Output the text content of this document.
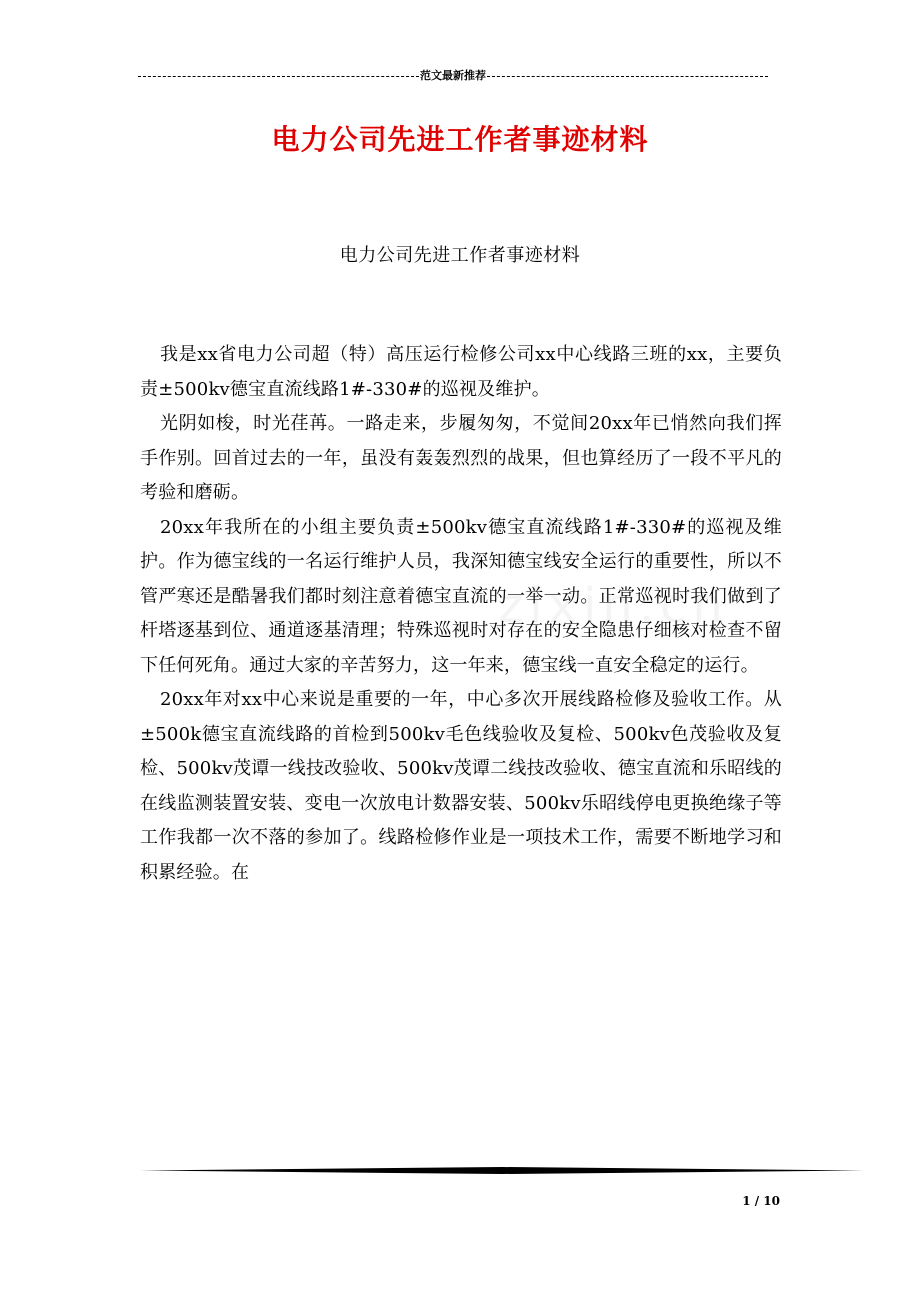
范文最新推荐
电力公司先进工作者事迹材料
电力公司先进工作者事迹材料

我是xx省电力公司超（特）高压运行检修公司xx中心线路三班的xx，主要负责±500kv德宝直流线路1#-330#的巡视及维护。

光阴如梭，时光荏苒。一路走来，步履匆匆，不觉间20xx年已悄然向我们挥手作别。回首过去的一年，虽没有轰轰烈烈的战果，但也算经历了一段不平凡的考验和磨砺。

20xx年我所在的小组主要负责±500kv德宝直流线路1#-330#的巡视及维护。作为德宝线的一名运行维护人员，我深知德宝线安全运行的重要性，所以不管严寒还是酷暑我们都时刻注意着德宝直流的一举一动。正常巡视时我们做到了杆塔逐基到位、通道逐基清理；特殊巡视时对存在的安全隐患仔细核对检查不留下任何死角。通过大家的辛苦努力，这一年来，德宝线一直安全稳定的运行。

20xx年对xx中心来说是重要的一年，中心多次开展线路检修及验收工作。从±500k德宝直流线路的首检到500kv毛色线验收及复检、500kv色茂验收及复检、500kv茂谭一线技改验收、500kv茂谭二线技改验收、德宝直流和乐昭线的在线监测装置安装、变电一次放电计数器安装、500kv乐昭线停电更换绝缘子等工作我都一次不落的参加了。线路检修作业是一项技术工作，需要不断地学习和积累经验。在

1 / 10
